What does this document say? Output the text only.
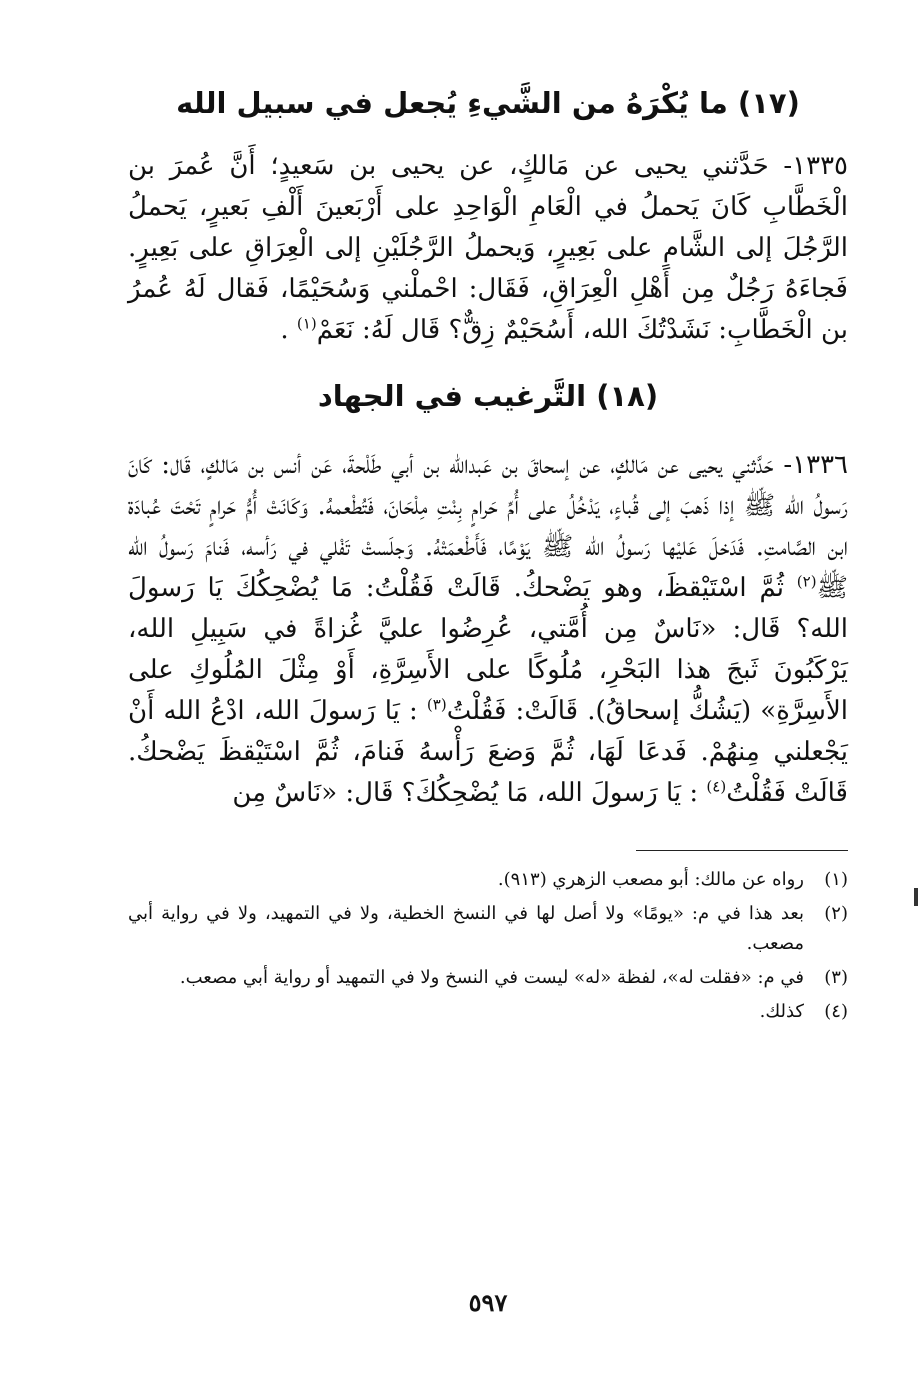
(١٧) ما يُكْرَهُ من الشَّيءِ يُجعل في سبيل الله

١٣٣٥- حَدَّثني يحيى عن مَالكٍ، عن يحيى بن سَعيدٍ؛ أَنَّ عُمرَ بن الْخَطَّابِ كَانَ يَحملُ في الْعَامِ الْوَاحِدِ على أَرْبَعينَ أَلْفِ بَعيرٍ، يَحملُ الرَّجُلَ إلى الشَّامِ على بَعِيرٍ، وَيحملُ الرَّجُلَيْنِ إلى الْعِرَاقِ على بَعِيرٍ. فَجاءَهُ رَجُلٌ مِن أَهْلِ الْعِرَاقِ، فَقَال: احْملْني وَسُحَيْمًا، فَقال لَهُ عُمرُ بن الْخَطَّابِ: نَشَدْتُكَ الله، أَسُحَيْمٌ زِقٌّ؟ قَال لَهُ: نَعَمْ$^{(١)}$ .

(١٨) التَّرغيب في الجهاد

١٣٣٦- حَدَّثني يحيى عن مَالكٍ، عن إسحاقَ بن عَبدالله بن أبي طَلْحةَ، عَن أنس بن مَالكٍ، قَال: كَانَ رَسولُ الله ﷺ إذا ذَهبَ إلى قُباءٍ، يَدْخُلُ على أُمِّ حَرامٍ بِنْتِ مِلْحَانَ، فَتُطْعمهُ. وَكَانَتْ أُمُّ حَرامٍ تَحْتَ عُبادَة ابن الصَّامتِ. فَدَخلَ عَليْها رَسولُ الله ﷺ يَوْمًا، فَأَطْعمَتْهُ. وَجلَستْ تَفْلي في رَأسه، فَنامَ رَسولُ الله ﷺ$^{(٢)}$ ثُمَّ اسْتَيْقظَ، وهو يَضْحكُ. قَالَتْ فَقُلْتُ: مَا يُضْحِكُكَ يَا رَسولَ الله؟ قَال: «نَاسٌ مِن أُمَّتي، عُرِضُوا عليَّ غُزاةً في سَبِيلِ الله، يَرْكَبُونَ ثَبجَ هذا البَحْرِ، مُلُوكًا على الأَسِرَّةِ، أَوْ مِثْلَ المُلُوكِ على الأَسِرَّةِ» (يَشُكُّ إسحاقُ). قَالَتْ: فَقُلْتُ$^{(٣)}$ : يَا رَسولَ الله، ادْعُ الله أَنْ يَجْعلني مِنهُمْ. فَدعَا لَهَا، ثُمَّ وَضعَ رَأْسهُ فَنامَ، ثُمَّ اسْتَيْقظَ يَضْحكُ. قَالَتْ فَقُلْتُ$^{(٤)}$ : يَا رَسولَ الله، مَا يُضْحِكُكَ؟ قَال: «نَاسٌ مِن

(١)
رواه عن مالك: أبو مصعب الزهري (٩١٣).
(٢)
بعد هذا في م: «يومًا» ولا أصل لها في النسخ الخطية، ولا في التمهيد، ولا في رواية أبي مصعب.
(٣)
في م: «فقلت له»، لفظة «له» ليست في النسخ ولا في التمهيد أو رواية أبي مصعب.
(٤)
كذلك.
٥٩٧
